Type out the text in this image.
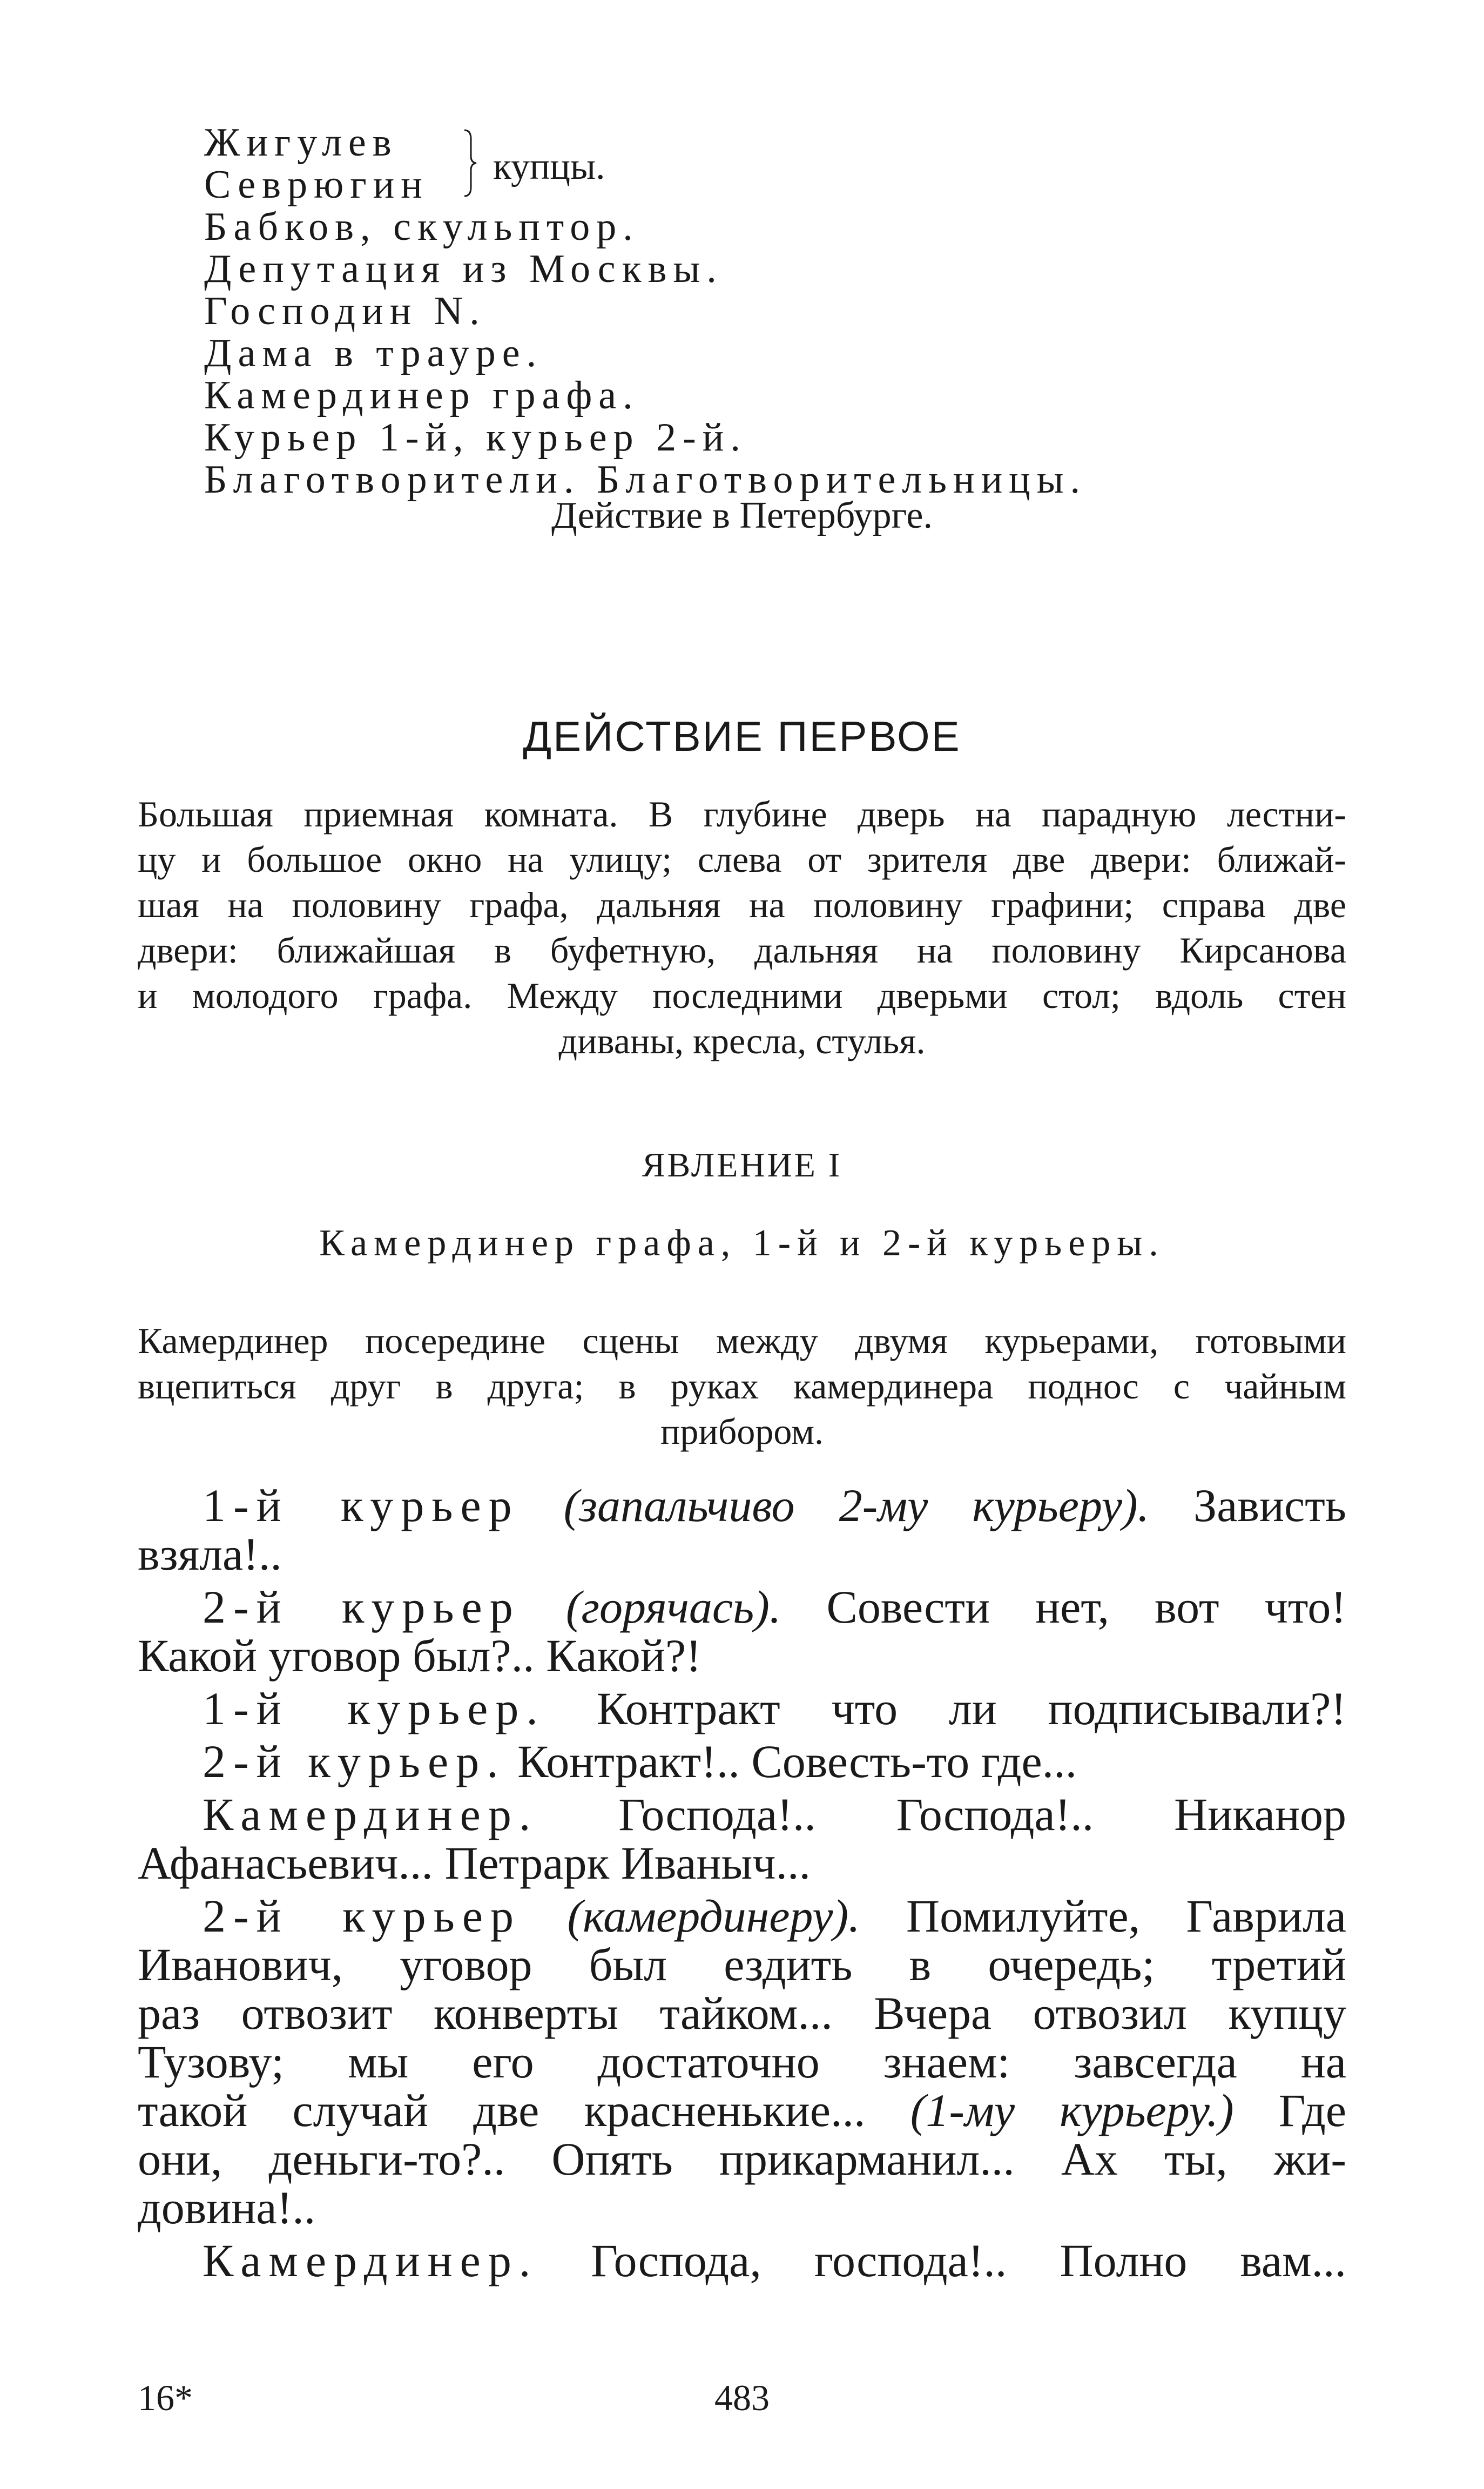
Жигулев
Севрюгин купцы.
Бабков, скульптор.
Депутация из Москвы.
Господин N.
Дама в трауре.
Камердинер графа.
Курьер 1-й, курьер 2-й.
Благотворители. Благотворительницы.
Действие в Петербурге.
ДЕЙСТВИЕ ПЕРВОЕ
Большая приемная комната. В глубине дверь на парадную лестни-
цу и большое окно на улицу; слева от зрителя две двери: ближай-
шая на половину графа, дальняя на половину графини; справа две
двери: ближайшая в буфетную, дальняя на половину Кирсанова
и молодого графа. Между последними дверьми стол; вдоль стен
диваны, кресла, стулья.
ЯВЛЕНИЕ I
Камердинер графа, 1-й и 2-й курьеры.
Камердинер посередине сцены между двумя курьерами, готовыми
вцепиться друг в друга; в руках камердинера поднос с чайным
прибором.
1-й курьер (запальчиво 2-му курьеру). Зависть
взяла!..
2-й курьер (горячась). Совести нет, вот что!
Какой уговор был?.. Какой?!
1-й курьер. Контракт что ли подписывали?!
2-й курьер. Контракт!.. Совесть-то где...
Камердинер. Господа!.. Господа!.. Никанор
Афанасьевич... Петрарк Иваныч...
2-й курьер (камердинеру). Помилуйте, Гаврила
Иванович, уговор был ездить в очередь; третий
раз отвозит конверты тайком... Вчера отвозил купцу
Тузову; мы его достаточно знаем: завсегда на
такой случай две красненькие... (1-му курьеру.) Где
они, деньги-то?.. Опять прикарманил... Ах ты, жи-
довина!..
Камердинер. Господа, господа!.. Полно вам...
16*	483
